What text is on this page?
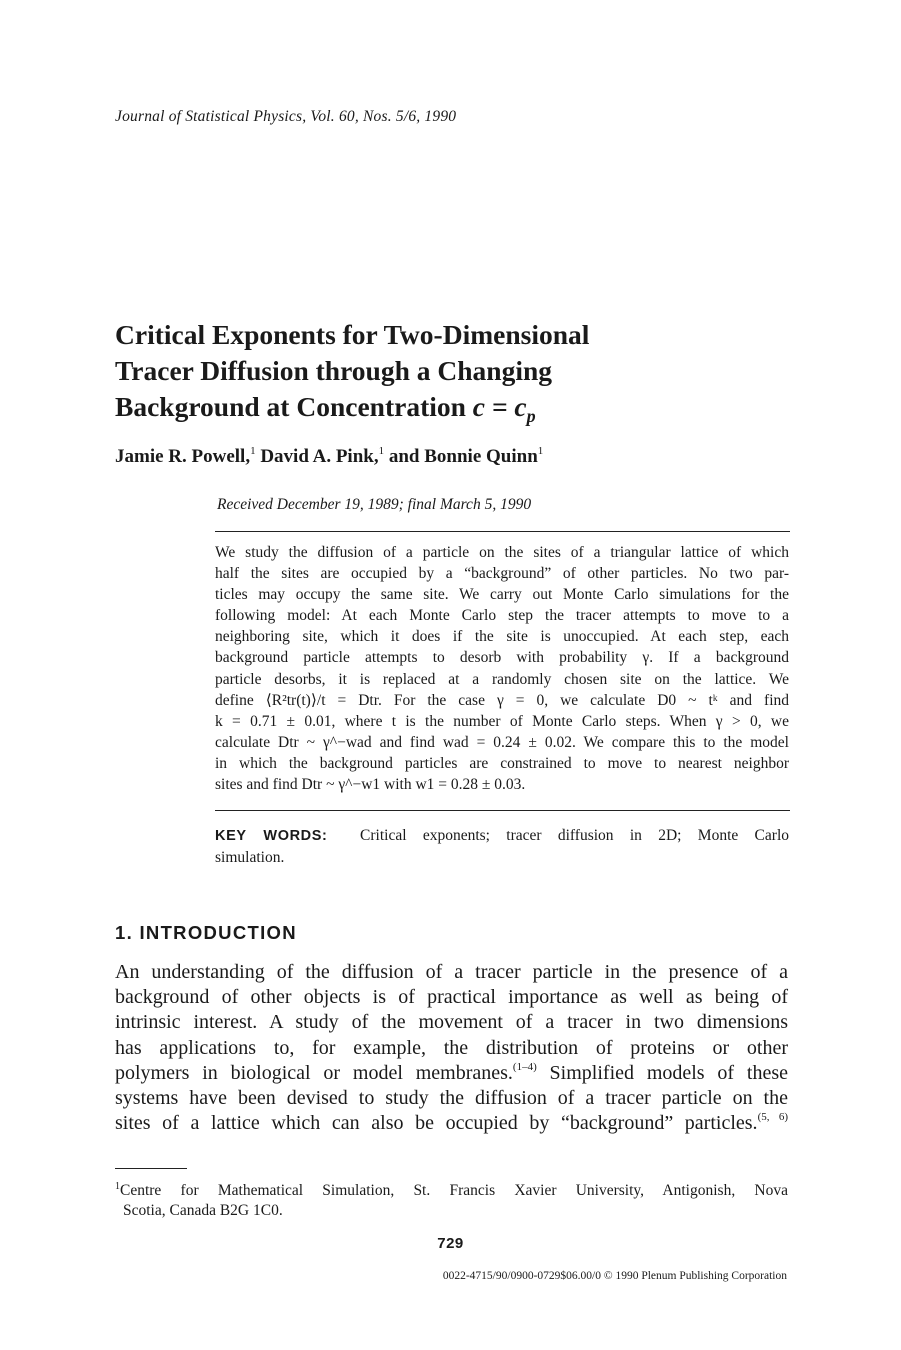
Journal of Statistical Physics, Vol. 60, Nos. 5/6, 1990
Critical Exponents for Two-Dimensional
Tracer Diffusion through a Changing
Background at Concentration $c = c_p$
Jamie R. Powell,$^1$ David A. Pink,$^1$ and Bonnie Quinn$^1$
Received December 19, 1989; final March 5, 1990
We study the diffusion of a particle on the sites of a triangular lattice of which
half the sites are occupied by a “background” of other particles. No two par-
ticles may occupy the same site. We carry out Monte Carlo simulations for the
following model: At each Monte Carlo step the tracer attempts to move to a
neighboring site, which it does if the site is unoccupied. At each step, each
background particle attempts to desorb with probability γ. If a background
particle desorbs, it is replaced at a randomly chosen site on the lattice. We
define ⟨R²tr(t)⟩/t = Dtr. For the case γ = 0, we calculate D0 ~ tᵏ and find
k = 0.71 ± 0.01, where t is the number of Monte Carlo steps. When γ > 0, we
calculate Dtr ~ γ^−wad and find wad = 0.24 ± 0.02. We compare this to the model
in which the background particles are constrained to move to nearest neighbor
sites and find Dtr ~ γ^−w1 with w1 = 0.28 ± 0.03.
KEY WORDS: Critical exponents; tracer diffusion in 2D; Monte Carlo
simulation.
1. INTRODUCTION
An understanding of the diffusion of a tracer particle in the presence of a
background of other objects is of practical importance as well as being of
intrinsic interest. A study of the movement of a tracer in two dimensions
has applications to, for example, the distribution of proteins or other
polymers in biological or model membranes.$^{(1-4)}$ Simplified models of these
systems have been devised to study the diffusion of a tracer particle on the
sites of a lattice which can also be occupied by “background” particles.$^{(5, 6)}$
$^1$Centre for Mathematical Simulation, St. Francis Xavier University, Antigonish, Nova
Scotia, Canada B2G 1C0.
729
0022-4715/90/0900-0729$06.00/0 © 1990 Plenum Publishing Corporation
